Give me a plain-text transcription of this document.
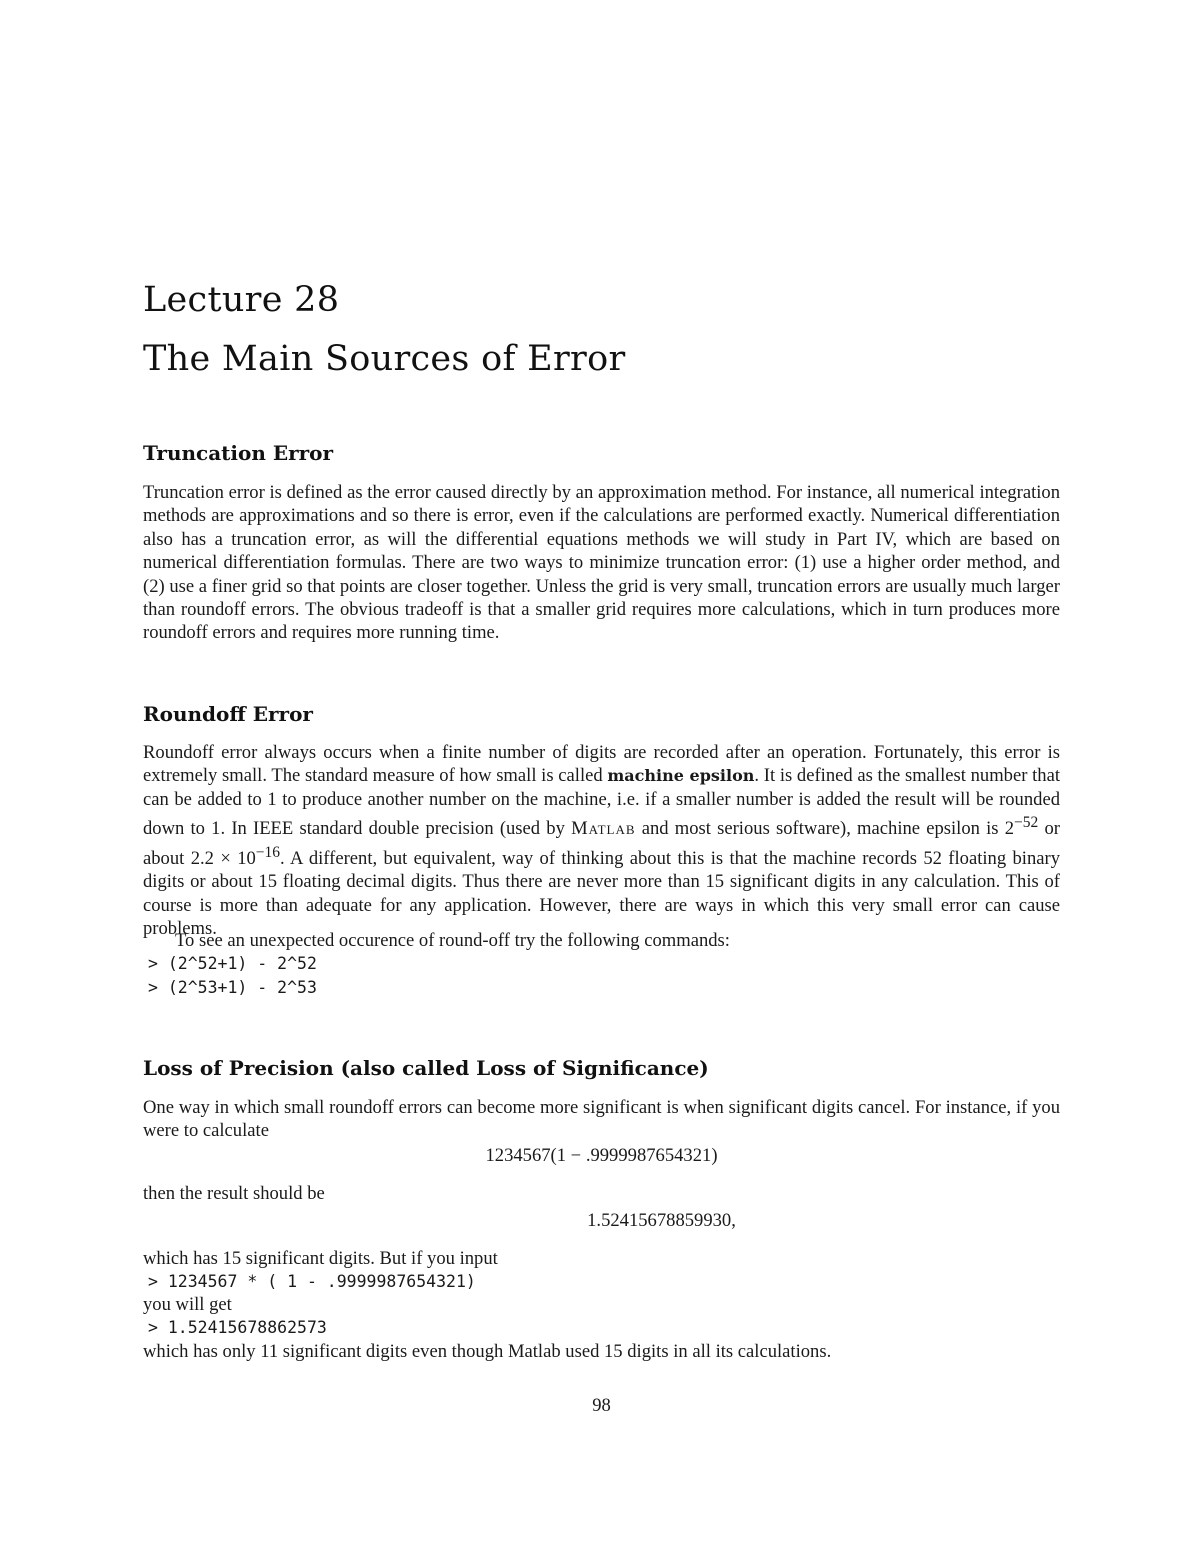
Lecture 28
The Main Sources of Error
Truncation Error

Truncation error is defined as the error caused directly by an approximation method. For instance, all numerical integration methods are approximations and so there is error, even if the calculations are performed exactly. Numerical differentiation also has a truncation error, as will the differential equations methods we will study in Part IV, which are based on numerical differentiation formulas. There are two ways to minimize truncation error: (1) use a higher order method, and (2) use a finer grid so that points are closer together. Unless the grid is very small, truncation errors are usually much larger than roundoff errors. The obvious tradeoff is that a smaller grid requires more calculations, which in turn produces more roundoff errors and requires more running time.

Roundoff Error

Roundoff error always occurs when a finite number of digits are recorded after an operation. Fortunately, this error is extremely small. The standard measure of how small is called machine epsilon. It is defined as the smallest number that can be added to 1 to produce another number on the machine, i.e. if a smaller number is added the result will be rounded down to 1. In IEEE standard double precision (used by Matlab and most serious software), machine epsilon is $2^{-52}$ or about $2.2 \times 10^{-16}$. A different, but equivalent, way of thinking about this is that the machine records 52 floating binary digits or about 15 floating decimal digits. Thus there are never more than 15 significant digits in any calculation. This of course is more than adequate for any application. However, there are ways in which this very small error can cause problems.

To see an unexpected occurence of round-off try the following commands:

> (2^52+1) - 2^52
> (2^53+1) - 2^53
Loss of Precision (also called Loss of Significance)

One way in which small roundoff errors can become more significant is when significant digits cancel. For instance, if you were to calculate

1234567(1 − .9999987654321)
then the result should be
1.52415678859930,
which has 15 significant digits. But if you input
> 1234567 * ( 1 - .9999987654321)
you will get
> 1.52415678862573
which has only 11 significant digits even though Matlab used 15 digits in all its calculations.
98
